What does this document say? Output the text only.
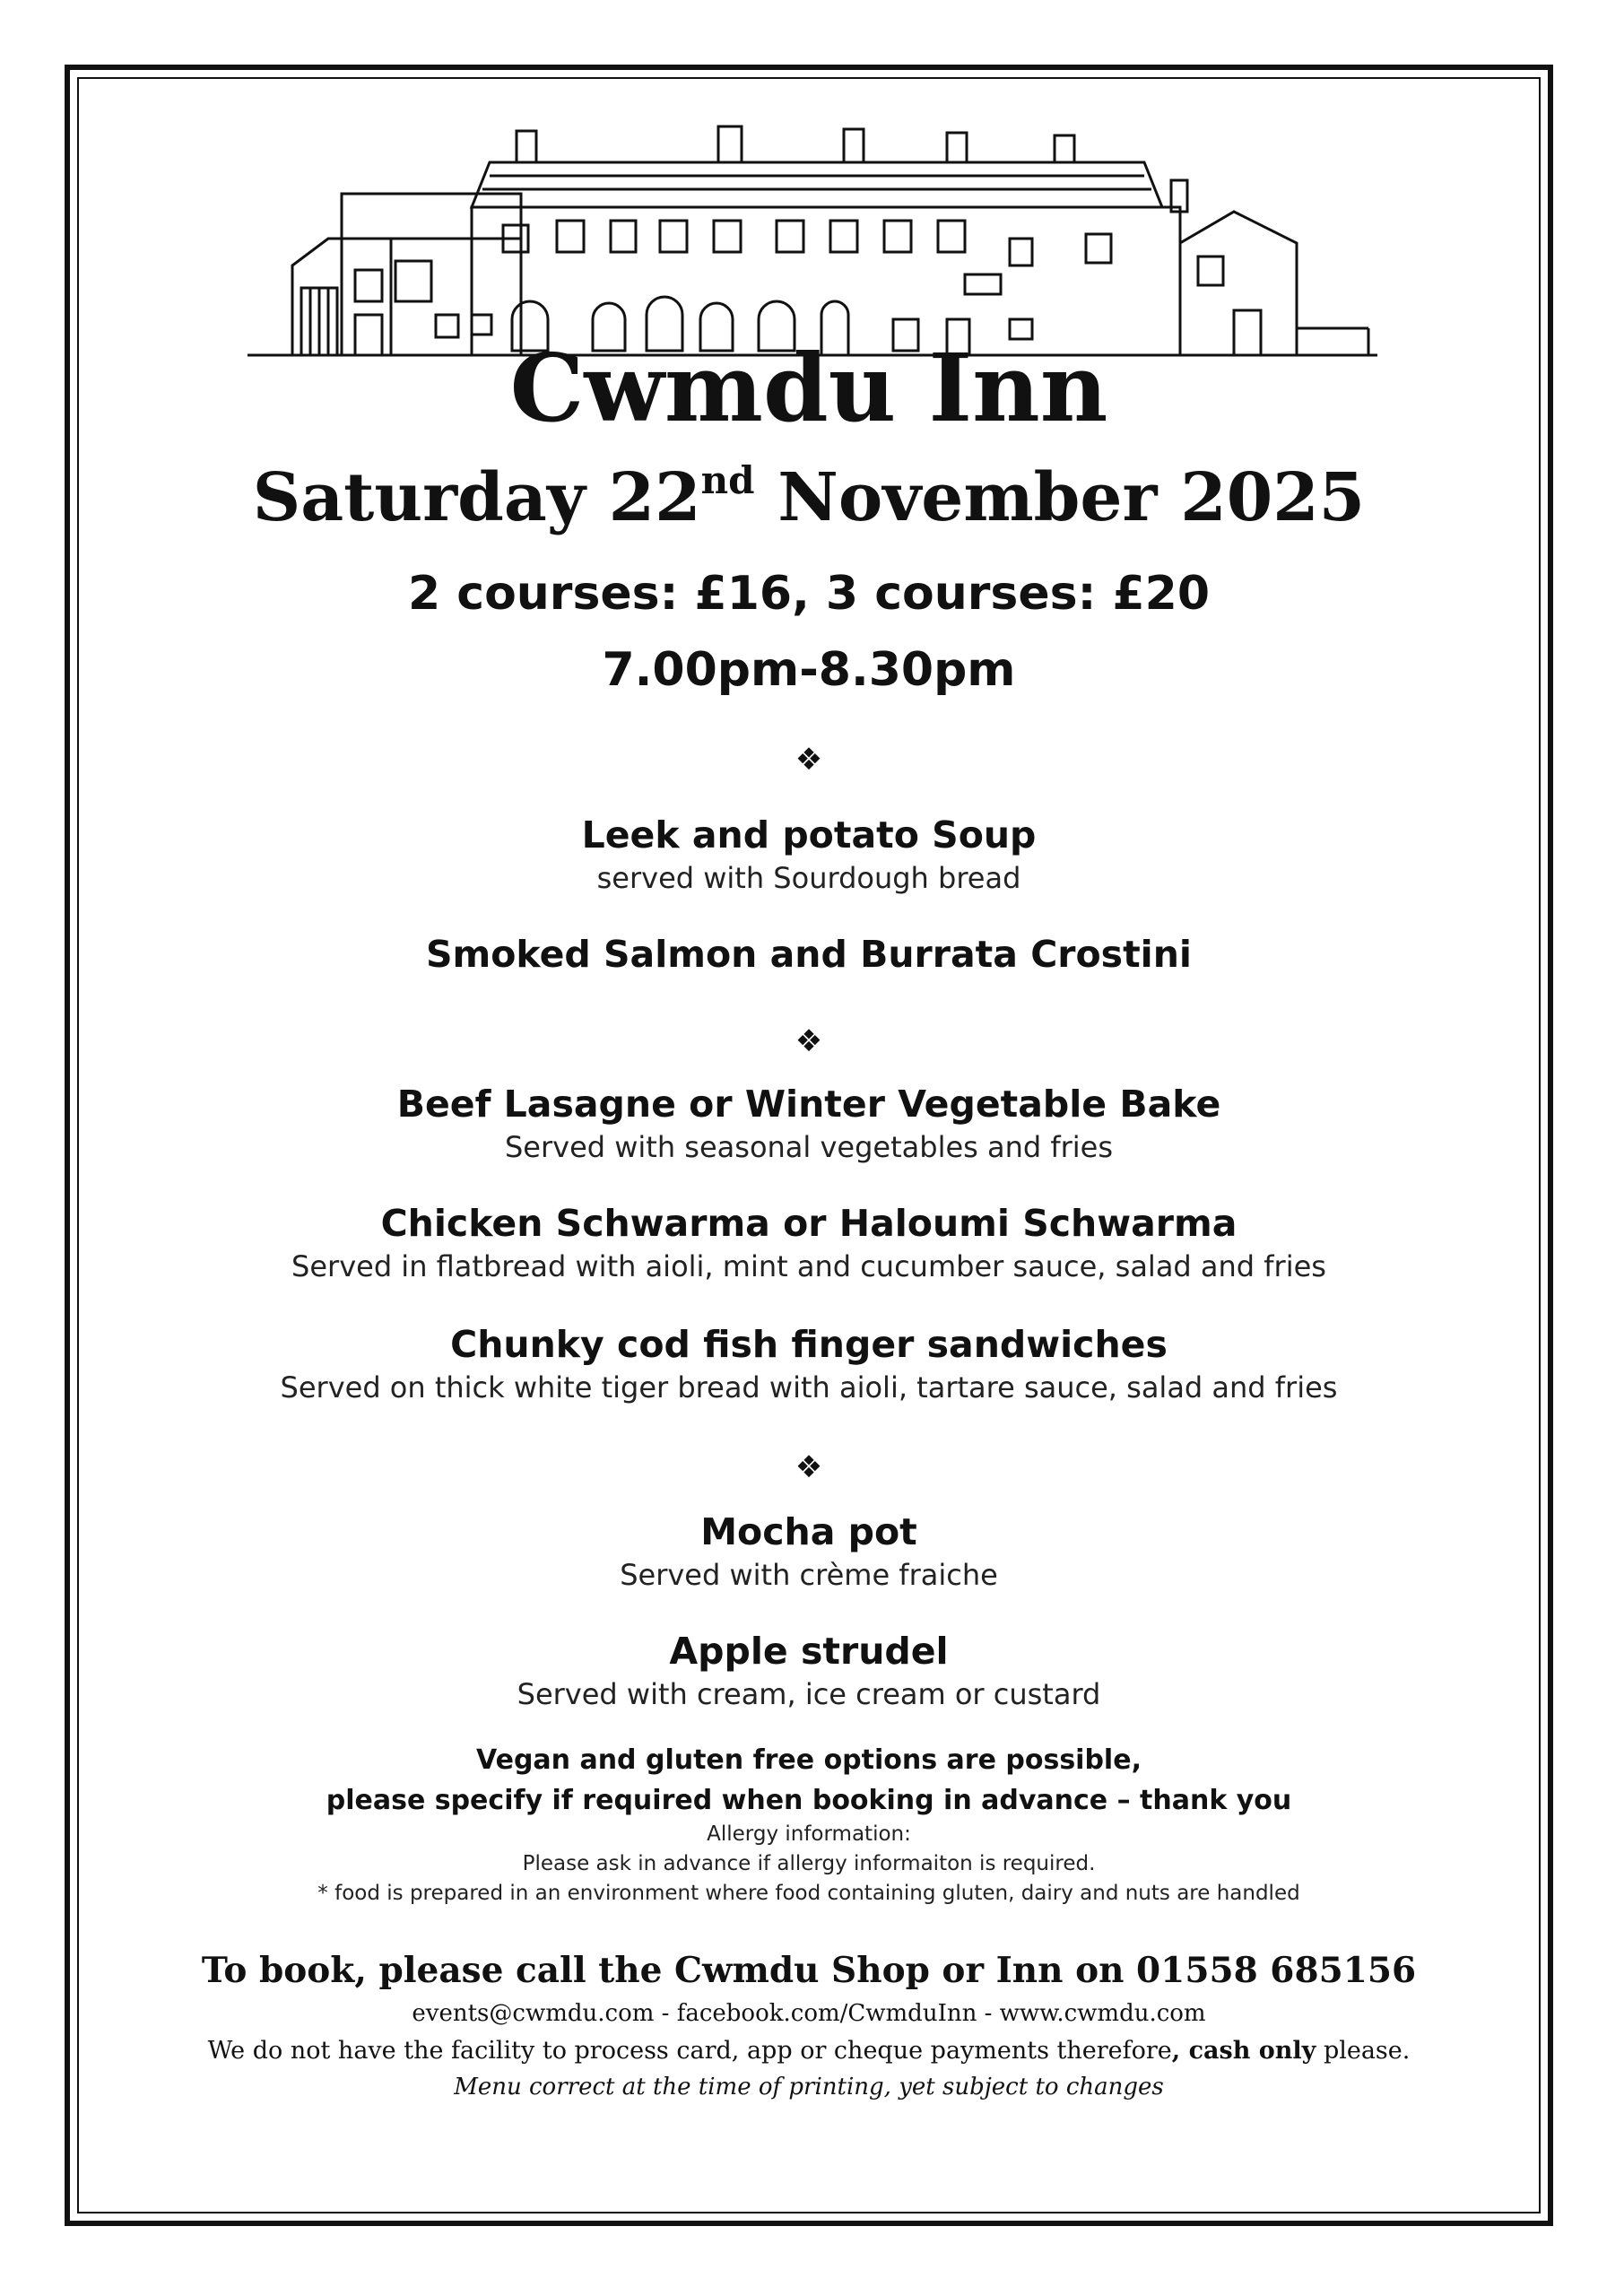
Cwmdu Inn
Saturday 22nd November 2025
2 courses: £16, 3 courses: £20
7.00pm-8.30pm
❖
Leek and potato Soup
served with Sourdough bread
Smoked Salmon and Burrata Crostini
❖
Beef Lasagne or Winter Vegetable Bake
Served with seasonal vegetables and fries
Chicken Schwarma or Haloumi Schwarma
Served in flatbread with aioli, mint and cucumber sauce, salad and fries
Chunky cod fish finger sandwiches
Served on thick white tiger bread with aioli, tartare sauce, salad and fries
❖
Mocha pot
Served with crème fraiche
Apple strudel
Served with cream, ice cream or custard
Vegan and gluten free options are possible,
please specify if required when booking in advance – thank you
Allergy information:
Please ask in advance if allergy informaiton is required.
* food is prepared in an environment where food containing gluten, dairy and nuts are handled
To book, please call the Cwmdu Shop or Inn on 01558 685156
events@cwmdu.com - facebook.com/CwmduInn - www.cwmdu.com
We do not have the facility to process card, app or cheque payments therefore, cash only please.
Menu correct at the time of printing, yet subject to changes
